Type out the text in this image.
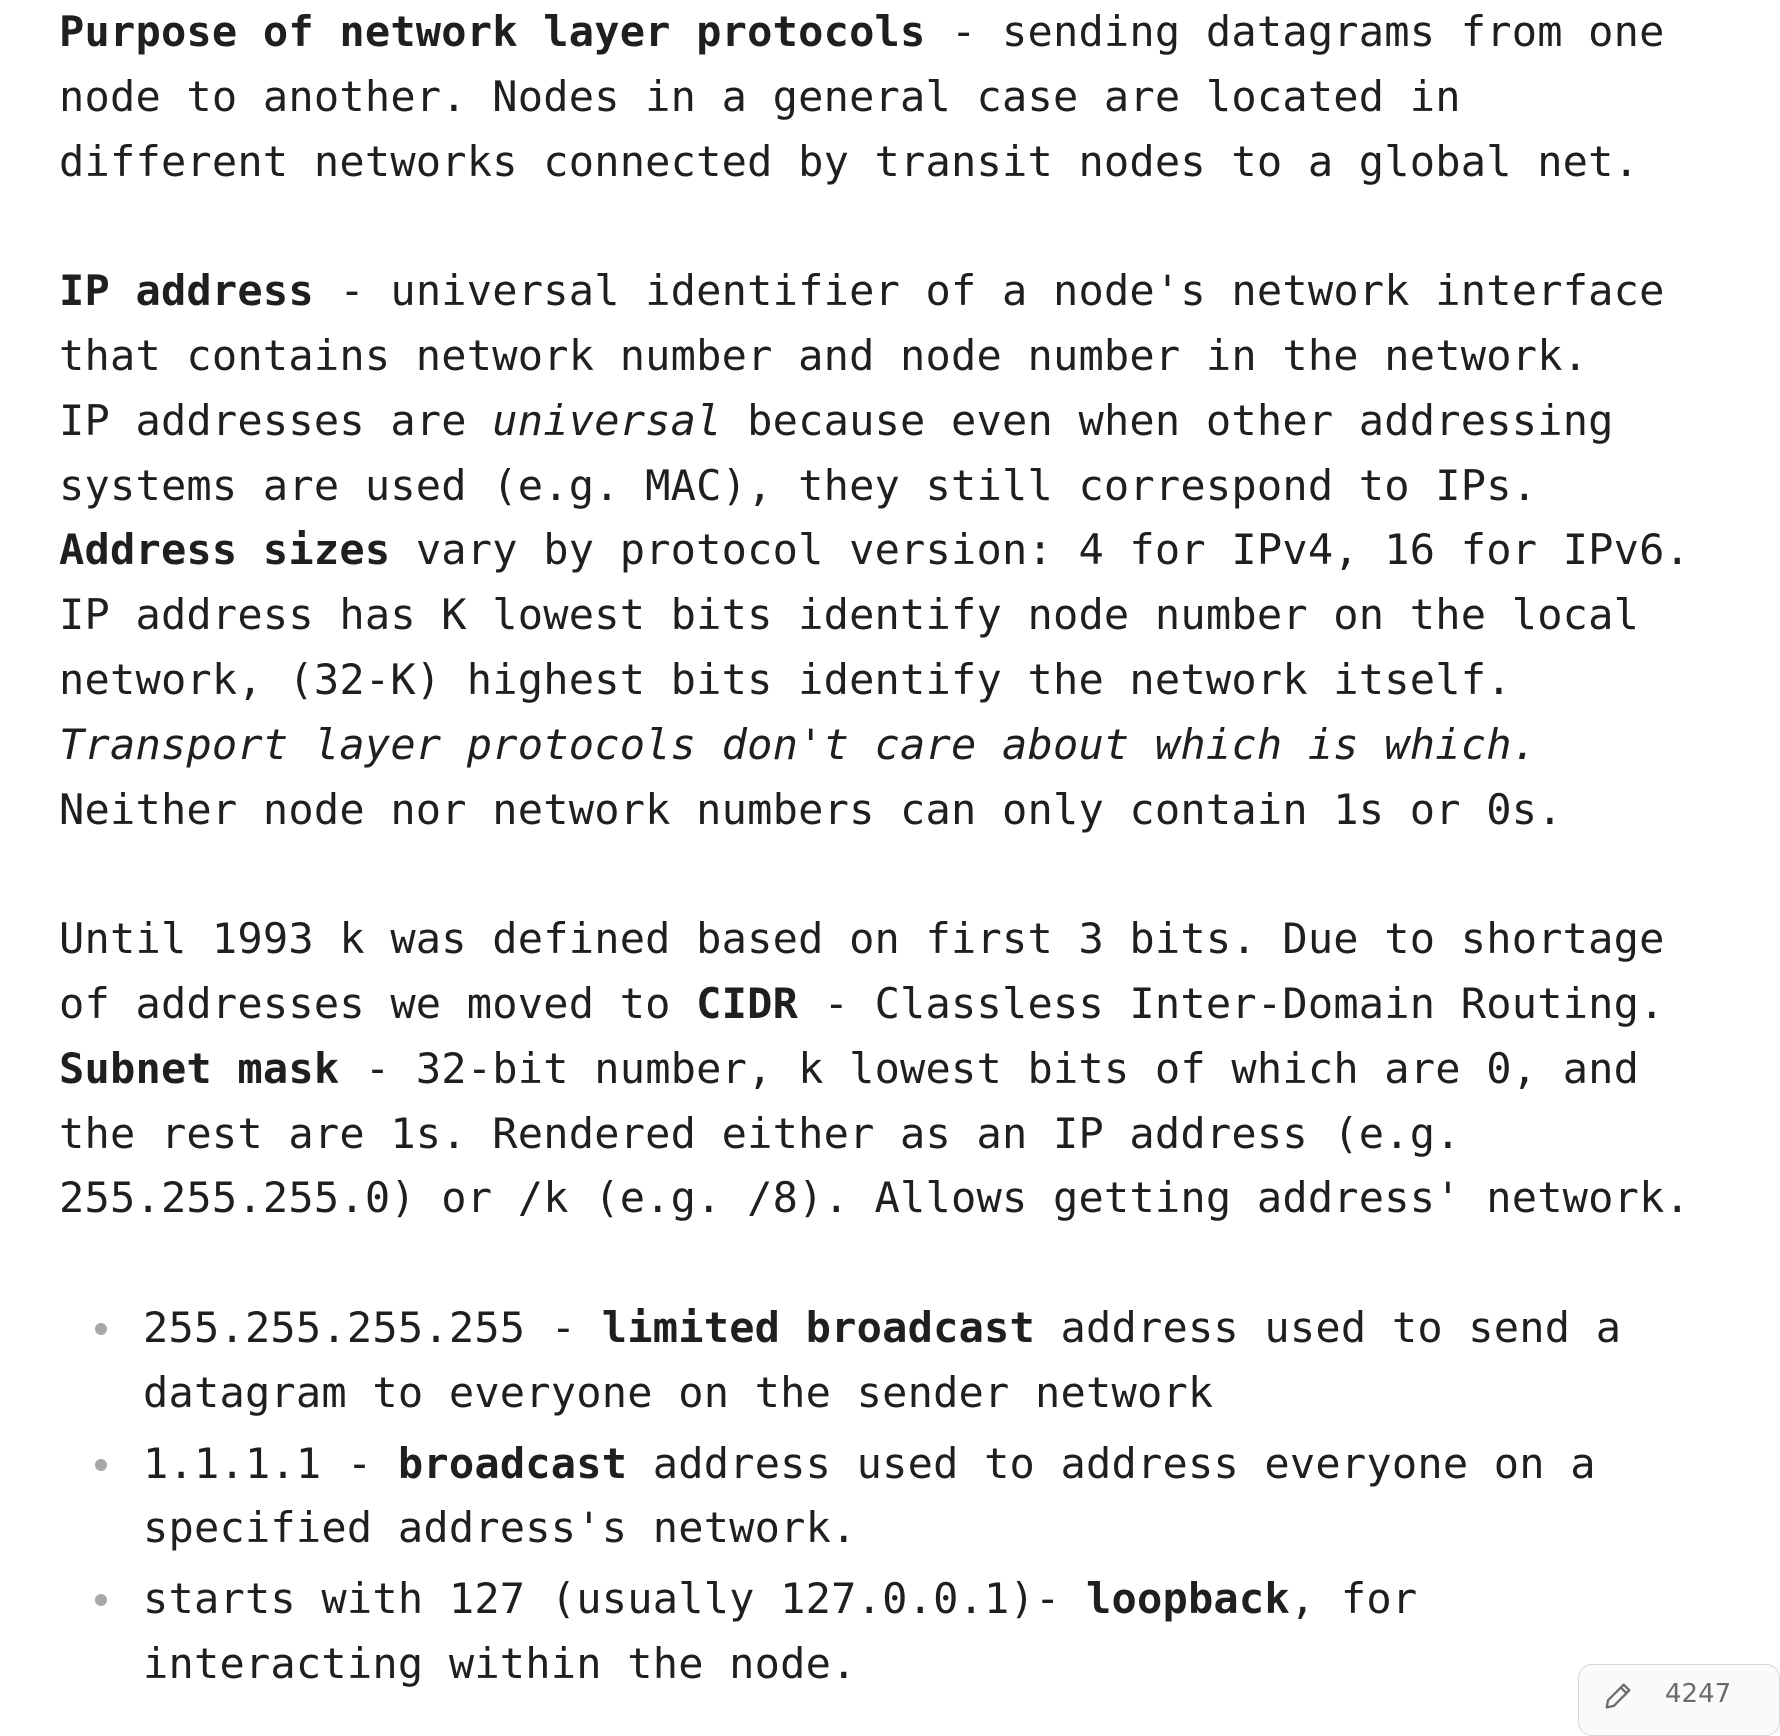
Purpose of network layer protocols - sending datagrams from one
node to another. Nodes in a general case are located in
different networks connected by transit nodes to a global net.
IP address - universal identifier of a node's network interface
that contains network number and node number in the network.
IP addresses are universal because even when other addressing
systems are used (e.g. MAC), they still correspond to IPs.
Address sizes vary by protocol version: 4 for IPv4, 16 for IPv6.
IP address has K lowest bits identify node number on the local
network, (32-K) highest bits identify the network itself.
Transport layer protocols don't care about which is which.
Neither node nor network numbers can only contain 1s or 0s.
Until 1993 k was defined based on first 3 bits. Due to shortage
of addresses we moved to CIDR - Classless Inter-Domain Routing.
Subnet mask - 32-bit number, k lowest bits of which are 0, and
the rest are 1s. Rendered either as an IP address (e.g.
255.255.255.0) or /k (e.g. /8). Allows getting address' network.
255.255.255.255 - limited broadcast address used to send a
datagram to everyone on the sender network
1.1.1.1 - broadcast address used to address everyone on a
specified address's network.
starts with 127 (usually 127.0.0.1)- loopback, for
interacting within the node.
4247
